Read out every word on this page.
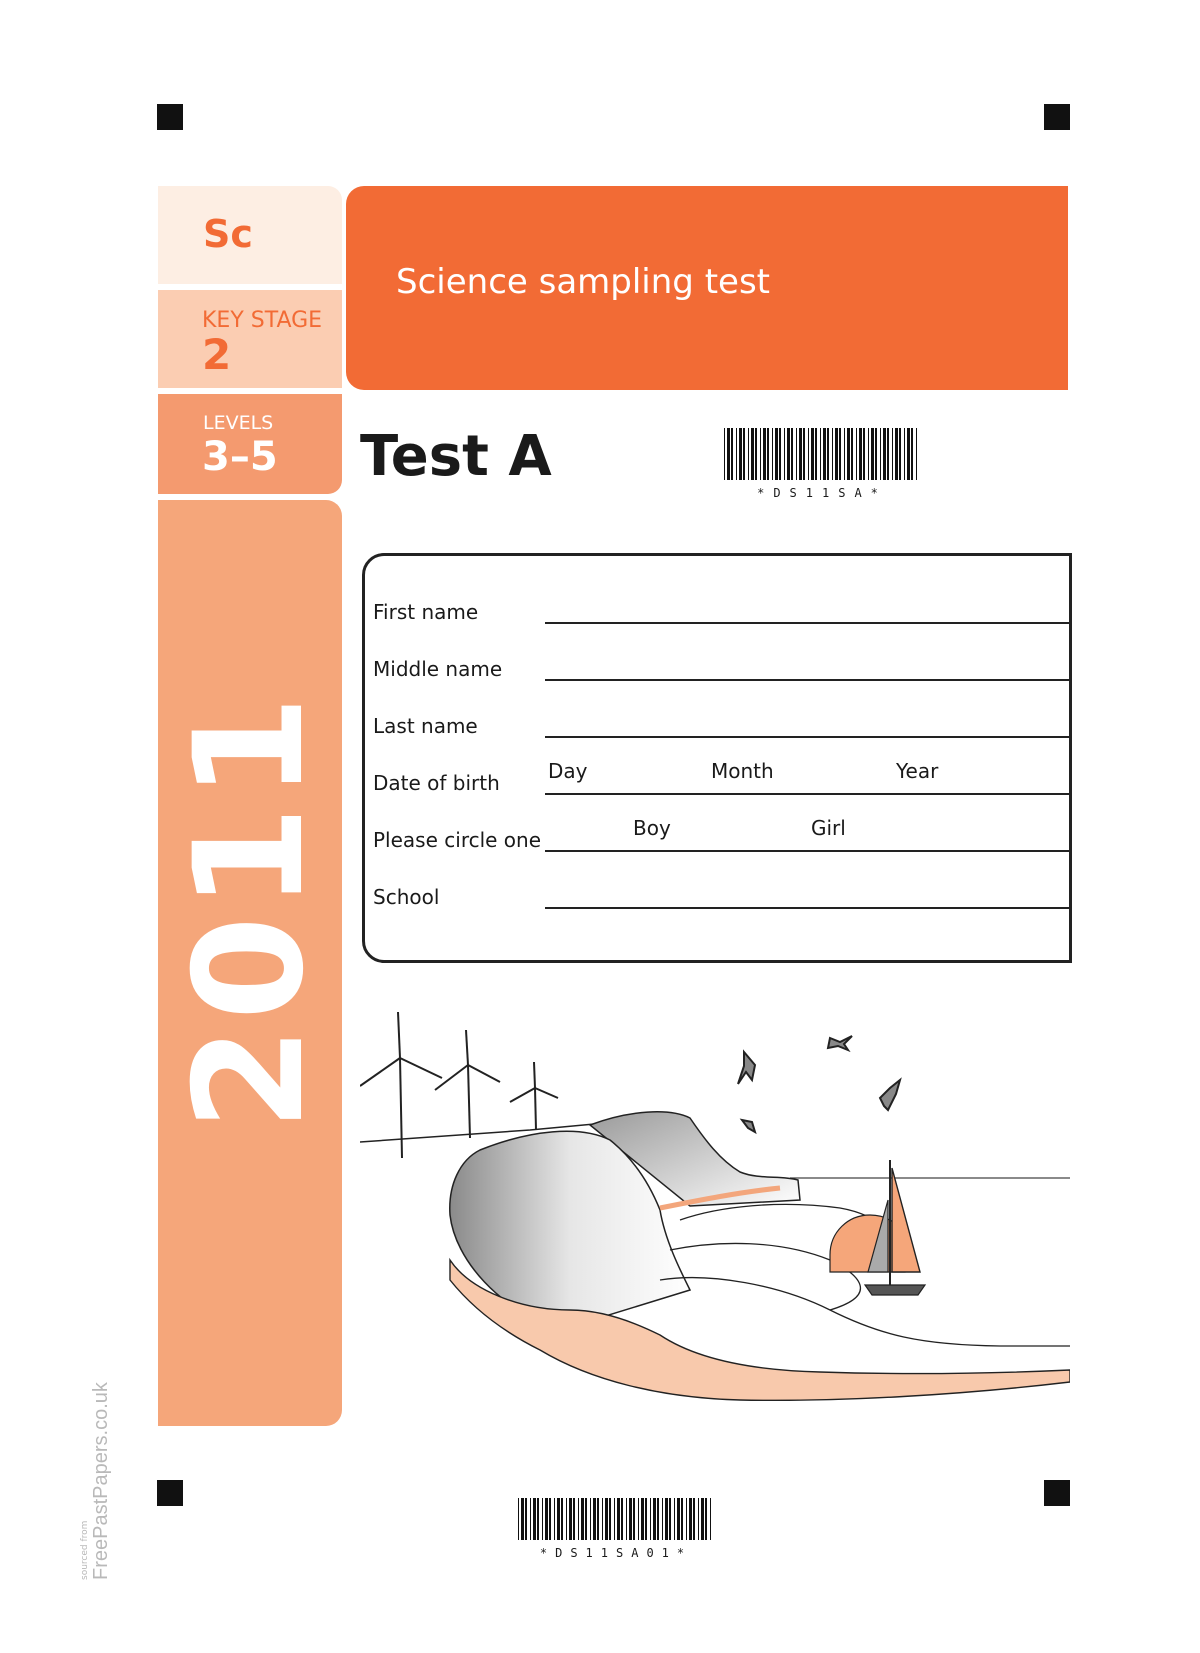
Sc
KEY STAGE
2
LEVELS
3–5
2011
Science sampling test
Test A
*DS11SA*
First name
Middle name
Last name
Date of birth Day	Month	Year
Please circle one	Boy	Girl
School
*DS11SA01*
sourced from FreePastPapers.co.uk
